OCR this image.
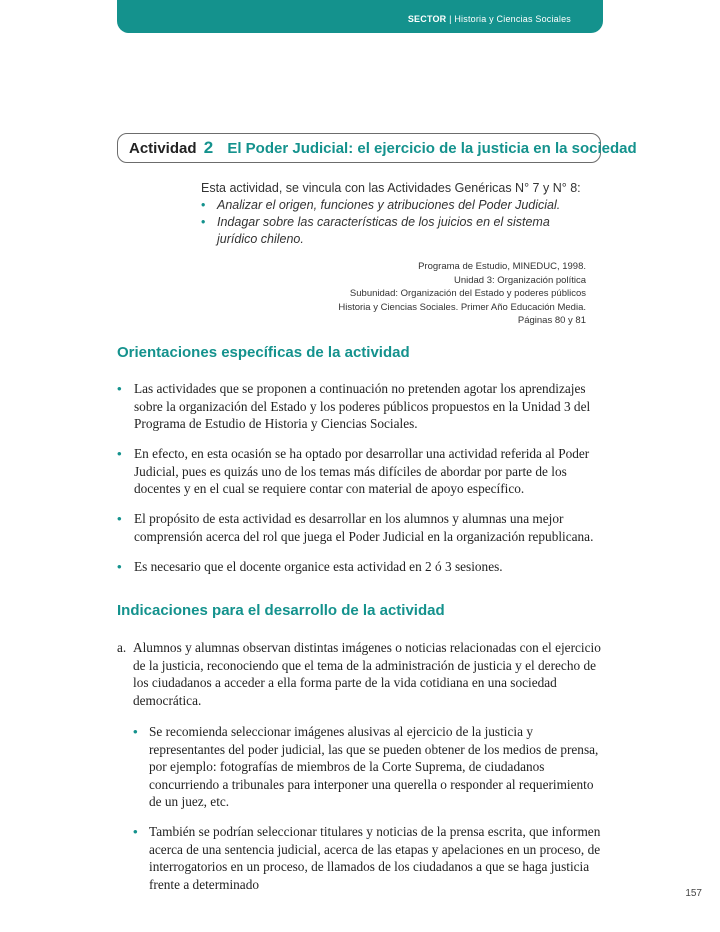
SECTOR | Historia y Ciencias Sociales
Actividad 2 El Poder Judicial: el ejercicio de la justicia en la sociedad
Esta actividad, se vincula con las Actividades Genéricas N° 7 y N° 8:
• Analizar el origen, funciones y atribuciones del Poder Judicial.
• Indagar sobre las características de los juicios en el sistema jurídico chileno.
Programa de Estudio, MINEDUC, 1998.
Unidad 3: Organización política
Subunidad: Organización del Estado y poderes públicos
Historia y Ciencias Sociales. Primer Año Educación Media.
Páginas 80 y 81
Orientaciones específicas de la actividad
• Las actividades que se proponen a continuación no pretenden agotar los aprendizajes sobre la organización del Estado y los poderes públicos propuestos en la Unidad 3 del Programa de Estudio de Historia y Ciencias Sociales.
• En efecto, en esta ocasión se ha optado por desarrollar una actividad referida al Poder Judicial, pues es quizás uno de los temas más difíciles de abordar por parte de los docentes y en el cual se requiere contar con material de apoyo específico.
• El propósito de esta actividad es desarrollar en los alumnos y alumnas una mejor comprensión acerca del rol que juega el Poder Judicial en la organización republicana.
• Es necesario que el docente organice esta actividad en 2 ó 3 sesiones.
Indicaciones para el desarrollo de la actividad
a. Alumnos y alumnas observan distintas imágenes o noticias relacionadas con el ejercicio de la justicia, reconociendo que el tema de la administración de justicia y el derecho de los ciudadanos a acceder a ella forma parte de la vida cotidiana en una sociedad democrática.
• Se recomienda seleccionar imágenes alusivas al ejercicio de la justicia y representantes del poder judicial, las que se pueden obtener de los medios de prensa, por ejemplo: fotografías de miembros de la Corte Suprema, de ciudadanos concurriendo a tribunales para interponer una querella o responder al requerimiento de un juez, etc.
• También se podrían seleccionar titulares y noticias de la prensa escrita, que informen acerca de una sentencia judicial, acerca de las etapas y apelaciones en un proceso, de interrogatorios en un proceso, de llamados de los ciudadanos a que se haga justicia frente a determinado
157
